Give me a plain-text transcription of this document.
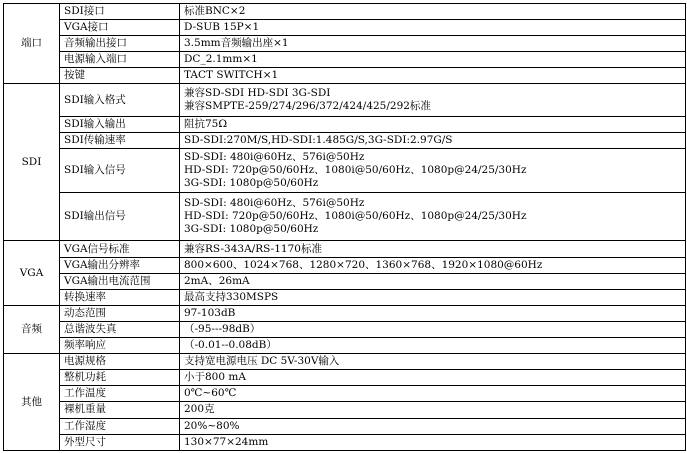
端口	SDI接口	标准BNC×2
	VGA接口	D-SUB 15P×1
	音频输出接口	3.5mm音频输出座×1
	电源输入端口	DC_2.1mm×1
	按键	TACT SWITCH×1
SDI	SDI输入格式	兼容SD-SDI HD-SDI 3G-SDI
兼容SMPTE-259/274/296/372/424/425/292标准

	SDI输入输出	阻抗75Ω
	SDI传输速率	SD-SDI:270M/S,HD-SDI:1.485G/S,3G-SDI:2.97G/S
	SDI输入信号	SD-SDI: 480i@60Hz、576i@50Hz
HD-SDI: 720p@50/60Hz、1080i@50/60Hz、1080p@24/25/30Hz
3G-SDI: 1080p@50/60Hz

	SDI输出信号	SD-SDI: 480i@60Hz、576i@50Hz
HD-SDI: 720p@50/60Hz、1080i@50/60Hz、1080p@24/25/30Hz
3G-SDI: 1080p@50/60Hz

VGA	VGA信号标准	兼容RS-343A/RS-1170标准
	VGA输出分辨率	800×600、1024×768、1280×720、1360×768、1920×1080@60Hz
	VGA输出电流范围	2mA、26mA
	转换速率	最高支持330MSPS
音频	动态范围	97-103dB
	总谐波失真	（-95---98dB）
	频率响应	（-0.01--0.08dB）
其他	电源规格	支持宽电源电压 DC 5V-30V输入
	整机功耗	小于800 mA
	工作温度	0℃~60℃
	裸机重量	200克
	工作湿度	20%~80%
	外型尺寸	130×77×24mm
